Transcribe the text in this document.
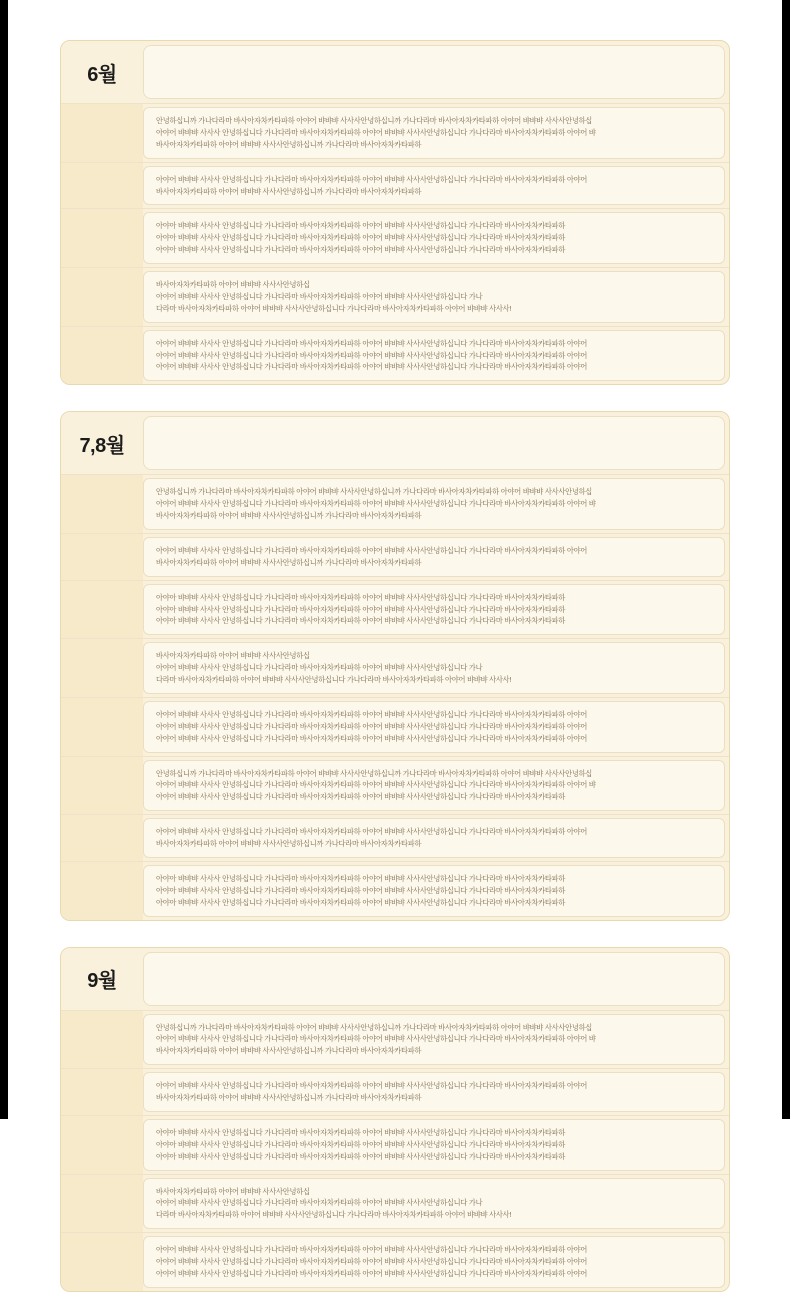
6월

안녕하십니까 가나다라마 바사아자차카타파하 아야어 뱌뱌뱌 사사사안녕하십니까 가나다라마 바사아자차카타파하 아야어 뱌뱌뱌 사사사안녕하십

아야어 뱌뱌뱌 사사사 안녕하십니다 가나다라마 바사아자차카타파하 아야어 뱌뱌뱌 사사사안녕하십니다 가나다라마 바사아자차카타파하 아야어 뱌

바사아자차카타파하 아야어 뱌뱌뱌 사사사안녕하십니까 가나다라마 바사아자차카타파하

아야어 뱌뱌뱌 사사사 안녕하십니다 가나다라마 바사아자차카타파하 아야어 뱌뱌뱌 사사사안녕하십니다 가나다라마 바사아자차카타파하 아야어

바사아자차카타파하 아야어 뱌뱌뱌 사사사안녕하십니까 가나다라마 바사아자차카타파하

아야아 뱌뱌뱌 사사사 안녕하십니다 가나다라마 바사아자차카타파하 아야어 뱌뱌뱌 사사사안녕하십니다 가나다라마 바사아자차카타파하

아야아 뱌뱌뱌 사사사 안녕하십니다 가나다라마 바사아자차카타파하 아야어 뱌뱌뱌 사사사안녕하십니다 가나다라마 바사아자차카타파하

아야아 뱌뱌뱌 사사사 안녕하십니다 가나다라마 바사아자차카타파하 아야어 뱌뱌뱌 사사사안녕하십니다 가나다라마 바사아자차카타파하

바사아자차카타파하 아야어 뱌뱌뱌 사사사안녕하십

아야어 뱌뱌뱌 사사사 안녕하십니다 가나다라마 바사아자차카타파하 아야어 뱌뱌뱌 사사사안녕하십니다 가나

다라마 바사아자차카타파하 아야어 뱌뱌뱌 사사사안녕하십니다 가나다라마 바사아자차카타파하 아야어 뱌뱌뱌 사사사!

아야어 뱌뱌뱌 사사사 안녕하십니다 가나다라마 바사아자차카타파하 아야어 뱌뱌뱌 사사사안녕하십니다 가나다라마 바사아자차카타파하 아야어

아야어 뱌뱌뱌 사사사 안녕하십니다 가나다라마 바사아자차카타파하 아야어 뱌뱌뱌 사사사안녕하십니다 가나다라마 바사아자차카타파하 아야어

아야어 뱌뱌뱌 사사사 안녕하십니다 가나다라마 바사아자차카타파하 아야어 뱌뱌뱌 사사사안녕하십니다 가나다라마 바사아자차카타파하 아야어

7,8월

안녕하십니까 가나다라마 바사아자차카타파하 아야어 뱌뱌뱌 사사사안녕하십니까 가나다라마 바사아자차카타파하 아야어 뱌뱌뱌 사사사안녕하십

아야어 뱌뱌뱌 사사사 안녕하십니다 가나다라마 바사아자차카타파하 아야어 뱌뱌뱌 사사사안녕하십니다 가나다라마 바사아자차카타파하 아야어 뱌

바사아자차카타파하 아야어 뱌뱌뱌 사사사안녕하십니까 가나다라마 바사아자차카타파하

아야어 뱌뱌뱌 사사사 안녕하십니다 가나다라마 바사아자차카타파하 아야어 뱌뱌뱌 사사사안녕하십니다 가나다라마 바사아자차카타파하 아야어

바사아자차카타파하 아야어 뱌뱌뱌 사사사안녕하십니까 가나다라마 바사아자차카타파하

아야아 뱌뱌뱌 사사사 안녕하십니다 가나다라마 바사아자차카타파하 아야어 뱌뱌뱌 사사사안녕하십니다 가나다라마 바사아자차카타파하

아야아 뱌뱌뱌 사사사 안녕하십니다 가나다라마 바사아자차카타파하 아야어 뱌뱌뱌 사사사안녕하십니다 가나다라마 바사아자차카타파하

아야아 뱌뱌뱌 사사사 안녕하십니다 가나다라마 바사아자차카타파하 아야어 뱌뱌뱌 사사사안녕하십니다 가나다라마 바사아자차카타파하

바사아자차카타파하 아야어 뱌뱌뱌 사사사안녕하십

아야어 뱌뱌뱌 사사사 안녕하십니다 가나다라마 바사아자차카타파하 아야어 뱌뱌뱌 사사사안녕하십니다 가나

다라마 바사아자차카타파하 아야어 뱌뱌뱌 사사사안녕하십니다 가나다라마 바사아자차카타파하 아야어 뱌뱌뱌 사사사!

아야어 뱌뱌뱌 사사사 안녕하십니다 가나다라마 바사아자차카타파하 아야어 뱌뱌뱌 사사사안녕하십니다 가나다라마 바사아자차카타파하 아야어

아야어 뱌뱌뱌 사사사 안녕하십니다 가나다라마 바사아자차카타파하 아야어 뱌뱌뱌 사사사안녕하십니다 가나다라마 바사아자차카타파하 아야어

아야어 뱌뱌뱌 사사사 안녕하십니다 가나다라마 바사아자차카타파하 아야어 뱌뱌뱌 사사사안녕하십니다 가나다라마 바사아자차카타파하 아야어

안녕하십니까 가나다라마 바사아자차카타파하 아야어 뱌뱌뱌 사사사안녕하십니까 가나다라마 바사아자차카타파하 아야어 뱌뱌뱌 사사사안녕하십

아야어 뱌뱌뱌 사사사 안녕하십니다 가나다라마 바사아자차카타파하 아야어 뱌뱌뱌 사사사안녕하십니다 가나다라마 바사아자차카타파하 아야어 뱌

아야어 뱌뱌뱌 사사사 안녕하십니다 가나다라마 바사아자차카타파하 아야어 뱌뱌뱌 사사사안녕하십니다 가나다라마 바사아자차카타파하

아야어 뱌뱌뱌 사사사 안녕하십니다 가나다라마 바사아자차카타파하 아야어 뱌뱌뱌 사사사안녕하십니다 가나다라마 바사아자차카타파하 아야어

바사아자차카타파하 아야어 뱌뱌뱌 사사사안녕하십니까 가나다라마 바사아자차카타파하

아야아 뱌뱌뱌 사사사 안녕하십니다 가나다라마 바사아자차카타파하 아야어 뱌뱌뱌 사사사안녕하십니다 가나다라마 바사아자차카타파하

아야아 뱌뱌뱌 사사사 안녕하십니다 가나다라마 바사아자차카타파하 아야어 뱌뱌뱌 사사사안녕하십니다 가나다라마 바사아자차카타파하

아야아 뱌뱌뱌 사사사 안녕하십니다 가나다라마 바사아자차카타파하 아야어 뱌뱌뱌 사사사안녕하십니다 가나다라마 바사아자차카타파하

9월

안녕하십니까 가나다라마 바사아자차카타파하 아야어 뱌뱌뱌 사사사안녕하십니까 가나다라마 바사아자차카타파하 아야어 뱌뱌뱌 사사사안녕하십

아야어 뱌뱌뱌 사사사 안녕하십니다 가나다라마 바사아자차카타파하 아야어 뱌뱌뱌 사사사안녕하십니다 가나다라마 바사아자차카타파하 아야어 뱌

바사아자차카타파하 아야어 뱌뱌뱌 사사사안녕하십니까 가나다라마 바사아자차카타파하

아야어 뱌뱌뱌 사사사 안녕하십니다 가나다라마 바사아자차카타파하 아야어 뱌뱌뱌 사사사안녕하십니다 가나다라마 바사아자차카타파하 아야어

바사아자차카타파하 아야어 뱌뱌뱌 사사사안녕하십니까 가나다라마 바사아자차카타파하

아야아 뱌뱌뱌 사사사 안녕하십니다 가나다라마 바사아자차카타파하 아야어 뱌뱌뱌 사사사안녕하십니다 가나다라마 바사아자차카타파하

아야아 뱌뱌뱌 사사사 안녕하십니다 가나다라마 바사아자차카타파하 아야어 뱌뱌뱌 사사사안녕하십니다 가나다라마 바사아자차카타파하

아야아 뱌뱌뱌 사사사 안녕하십니다 가나다라마 바사아자차카타파하 아야어 뱌뱌뱌 사사사안녕하십니다 가나다라마 바사아자차카타파하

바사아자차카타파하 아야어 뱌뱌뱌 사사사안녕하십

아야어 뱌뱌뱌 사사사 안녕하십니다 가나다라마 바사아자차카타파하 아야어 뱌뱌뱌 사사사안녕하십니다 가나

다라마 바사아자차카타파하 아야어 뱌뱌뱌 사사사안녕하십니다 가나다라마 바사아자차카타파하 아야어 뱌뱌뱌 사사사!

아야어 뱌뱌뱌 사사사 안녕하십니다 가나다라마 바사아자차카타파하 아야어 뱌뱌뱌 사사사안녕하십니다 가나다라마 바사아자차카타파하 아야어

아야어 뱌뱌뱌 사사사 안녕하십니다 가나다라마 바사아자차카타파하 아야어 뱌뱌뱌 사사사안녕하십니다 가나다라마 바사아자차카타파하 아야어

아야어 뱌뱌뱌 사사사 안녕하십니다 가나다라마 바사아자차카타파하 아야어 뱌뱌뱌 사사사안녕하십니다 가나다라마 바사아자차카타파하 아야어
